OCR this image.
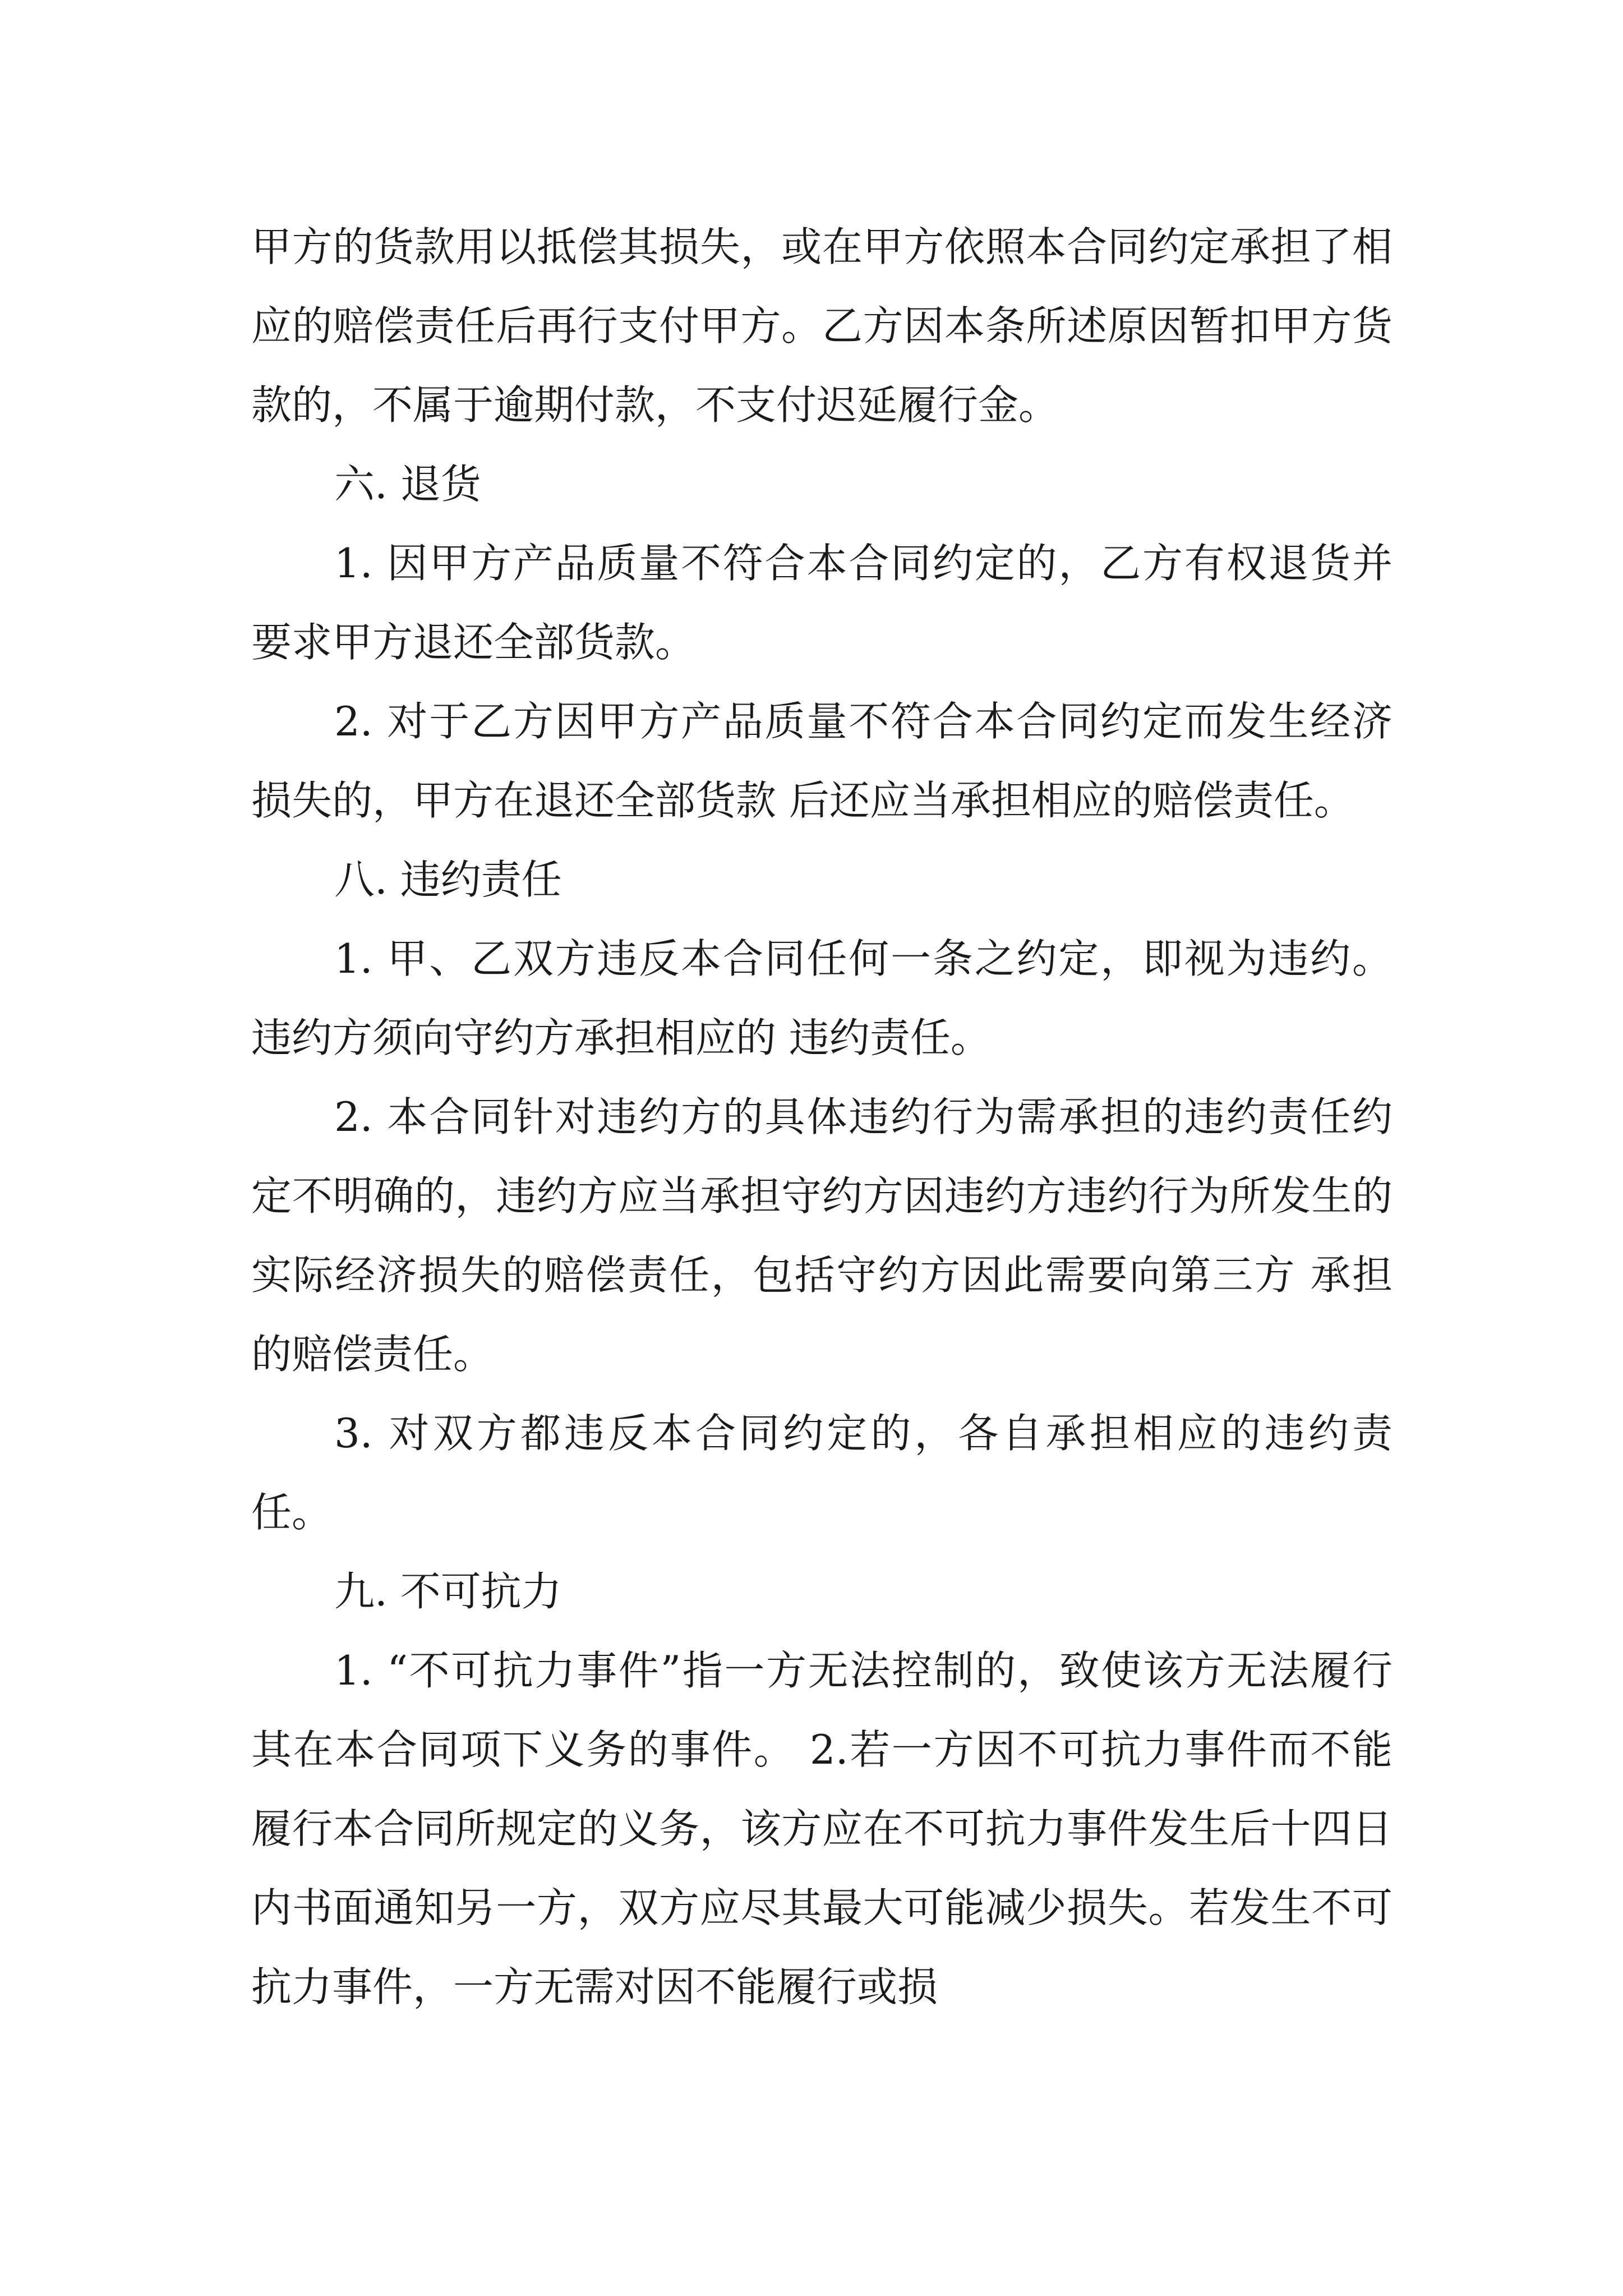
甲方的货款用以抵偿其损失，或在甲方依照本合同约定承担了相应的赔偿责任后再行支付甲方。乙方因本条所述原因暂扣甲方货款的，不属于逾期付款，不支付迟延履行金。

六. 退货

1. 因甲方产品质量不符合本合同约定的，乙方有权退货并要求甲方退还全部货款。

2. 对于乙方因甲方产品质量不符合本合同约定而发生经济损失的，甲方在退还全部货款 后还应当承担相应的赔偿责任。

八. 违约责任

1. 甲、乙双方违反本合同任何一条之约定，即视为违约。违约方须向守约方承担相应的 违约责任。

2. 本合同针对违约方的具体违约行为需承担的违约责任约定不明确的，违约方应当承担守约方因违约方违约行为所发生的实际经济损失的赔偿责任，包括守约方因此需要向第三方 承担的赔偿责任。

3. 对双方都违反本合同约定的，各自承担相应的违约责任。

九. 不可抗力

1. “不可抗力事件”指一方无法控制的，致使该方无法履行其在本合同项下义务的事件。 2.若一方因不可抗力事件而不能履行本合同所规定的义务，该方应在不可抗力事件发生后十四日内书面通知另一方，双方应尽其最大可能减少损失。若发生不可抗力事件，一方无需对因不能履行或损
